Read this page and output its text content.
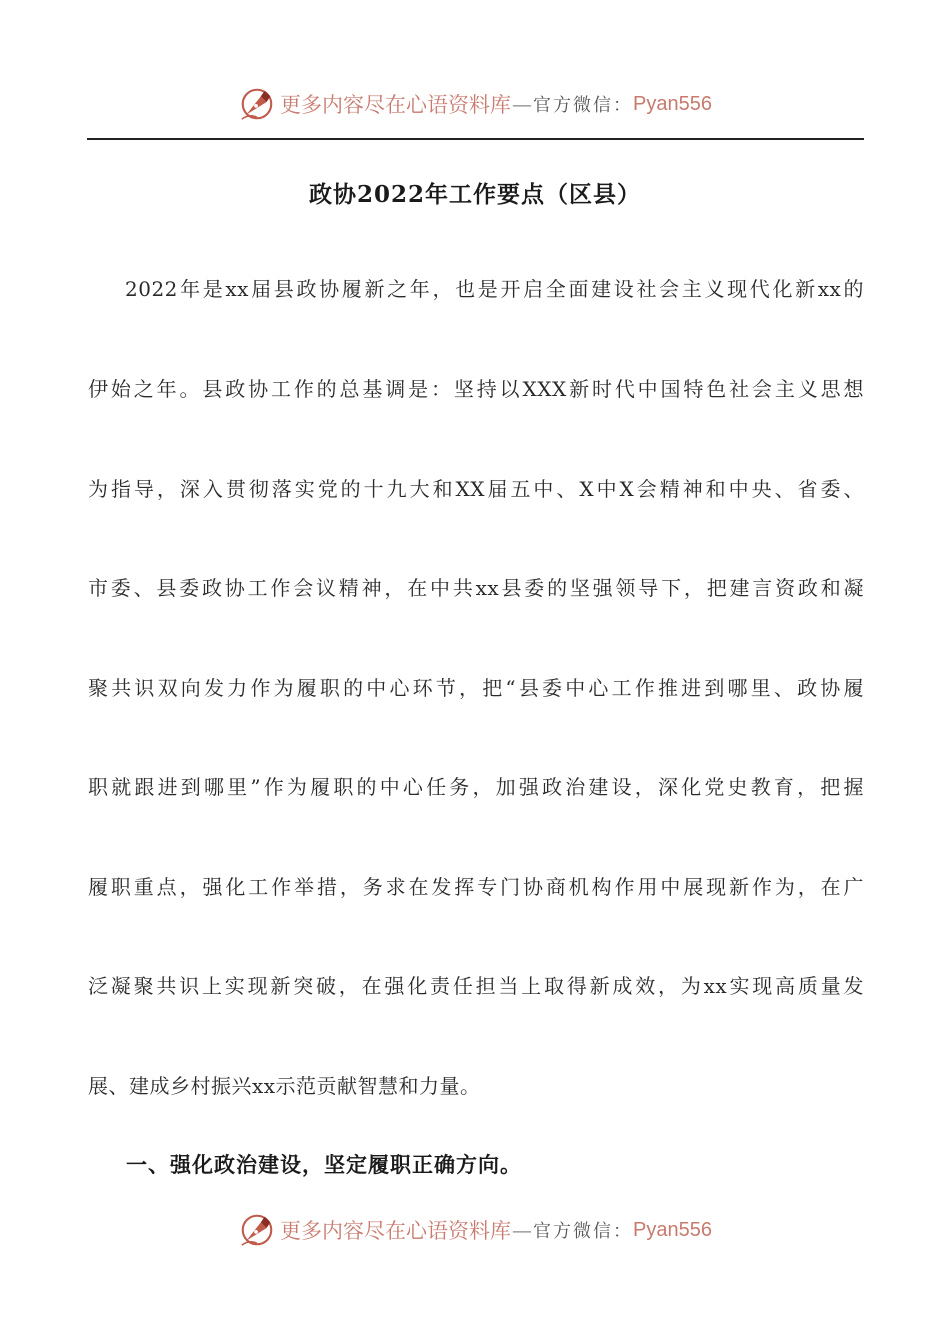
更多内容尽在心语资料库 — 官方微信： Pyan556
政协2022年工作要点（区县）
2022年是xx届县政协履新之年，也是开启全面建设社会主义现代化新xx的
伊始之年。县政协工作的总基调是：坚持以XXX新时代中国特色社会主义思想
为指导，深入贯彻落实党的十九大和XX届五中、X中X会精神和中央、省委、
市委、县委政协工作会议精神，在中共xx县委的坚强领导下，把建言资政和凝
聚共识双向发力作为履职的中心环节，把“县委中心工作推进到哪里、政协履
职就跟进到哪里”作为履职的中心任务，加强政治建设，深化党史教育，把握
履职重点，强化工作举措，务求在发挥专门协商机构作用中展现新作为，在广
泛凝聚共识上实现新突破，在强化责任担当上取得新成效，为xx实现高质量发
展、建成乡村振兴xx示范贡献智慧和力量。
一、强化政治建设，坚定履职正确方向。
更多内容尽在心语资料库 — 官方微信： Pyan556
